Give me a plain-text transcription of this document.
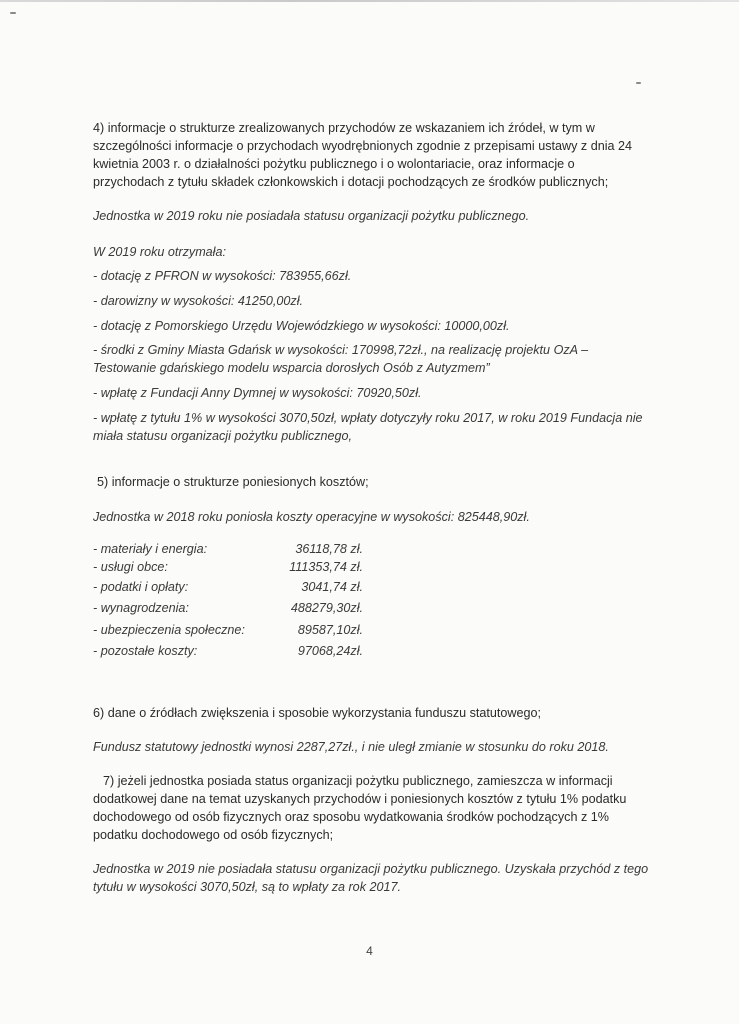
4) informacje o strukturze zrealizowanych przychodów ze wskazaniem ich źródeł, w tym w
szczególności informacje o przychodach wyodrębnionych zgodnie z przepisami ustawy z dnia 24
kwietnia 2003 r. o działalności pożytku publicznego i o wolontariacie, oraz informacje o
przychodach z tytułu składek członkowskich i dotacji pochodzących ze środków publicznych;
Jednostka w 2019 roku nie posiadała statusu organizacji pożytku publicznego.
W 2019 roku otrzymała:
- dotację z PFRON w wysokości: 783955,66zł.
- darowizny w wysokości: 41250,00zł.
- dotację z Pomorskiego Urzędu Wojewódzkiego w wysokości: 10000,00zł.
- środki z Gminy Miasta Gdańsk w wysokości: 170998,72zł., na realizację projektu OzA –
Testowanie gdańskiego modelu wsparcia dorosłych Osób z Autyzmem”
- wpłatę z Fundacji Anny Dymnej w wysokości: 70920,50zł.
- wpłatę z tytułu 1% w wysokości 3070,50zł, wpłaty dotyczyły roku 2017, w roku 2019 Fundacja nie
miała statusu organizacji pożytku publicznego,
5) informacje o strukturze poniesionych kosztów;
Jednostka w 2018 roku poniosła koszty operacyjne w wysokości: 825448,90zł.
- materiały i energia:	36118,78 zł.
- usługi obce:	111353,74 zł.
- podatki i opłaty:	3041,74 zł.
- wynagrodzenia:	488279,30zł.
- ubezpieczenia społeczne:	89587,10zł.
- pozostałe koszty:	97068,24zł.
6) dane o źródłach zwiększenia i sposobie wykorzystania funduszu statutowego;
Fundusz statutowy jednostki wynosi 2287,27zł., i nie uległ zmianie w stosunku do roku 2018.
7) jeżeli jednostka posiada status organizacji pożytku publicznego, zamieszcza w informacji
dodatkowej dane na temat uzyskanych przychodów i poniesionych kosztów z tytułu 1% podatku
dochodowego od osób fizycznych oraz sposobu wydatkowania środków pochodzących z 1%
podatku dochodowego od osób fizycznych;
Jednostka w 2019 nie posiadała statusu organizacji pożytku publicznego. Uzyskała przychód z tego
tytułu w wysokości 3070,50zł, są to wpłaty za rok 2017.
4
